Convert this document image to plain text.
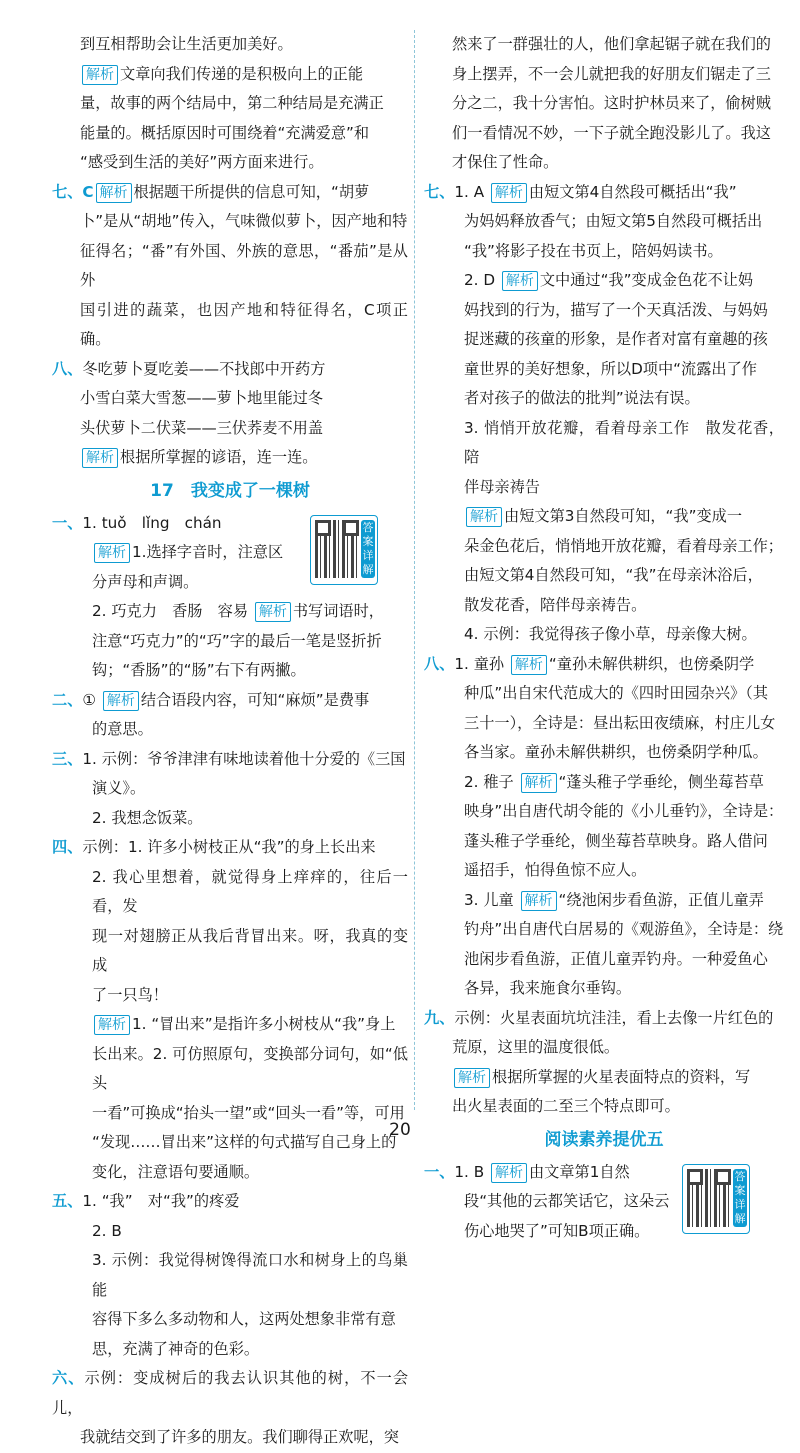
到互相帮助会让生活更加美好。

解析 文章向我们传递的是积极向上的正能

量，故事的两个结局中，第二种结局是充满正

能量的。概括原因时可围绕着“充满爱意”和

“感受到生活的美好”两方面来进行。

七、C 解析 根据题干所提供的信息可知，“胡萝

卜”是从“胡地”传入，气味微似萝卜，因产地和特

征得名；“番”有外国、外族的意思，“番茄”是从外

国引进的蔬菜，也因产地和特征得名，C项正确。

八、冬吃萝卜夏吃姜——不找郎中开药方

小雪白菜大雪葱——萝卜地里能过冬

头伏萝卜二伏菜——三伏荞麦不用盖

解析 根据所掌握的谚语，连一连。

17　我变成了一棵树

一、1. tuǒ　lǐng　chán

解析 1.选择字音时，注意区

分声母和声调。

答案详解

2. 巧克力　香肠　容易 解析 书写词语时，

注意“巧克力”的“巧”字的最后一笔是竖折折

钩；“香肠”的“肠”右下有两撇。

二、① 解析 结合语段内容，可知“麻烦”是费事

的意思。

三、1. 示例：爷爷津津有味地读着他十分爱的《三国

演义》。

2. 我想念饭菜。

四、示例：1. 许多小树枝正从“我”的身上长出来

2. 我心里想着，就觉得身上痒痒的，往后一看，发

现一对翅膀正从我后背冒出来。呀，我真的变成

了一只鸟！

解析 1. “冒出来”是指许多小树枝从“我”身上

长出来。2. 可仿照原句，变换部分词句，如“低头

一看”可换成“抬头一望”或“回头一看”等，可用

“发现……冒出来”这样的句式描写自己身上的

变化，注意语句要通顺。

五、1. “我”　对“我”的疼爱

2. B

3. 示例：我觉得树馋得流口水和树身上的鸟巢能

容得下多么多动物和人，这两处想象非常有意

思，充满了神奇的色彩。

六、示例：变成树后的我去认识其他的树，不一会儿，

我就结交到了许多的朋友。我们聊得正欢呢，突

然来了一群强壮的人，他们拿起锯子就在我们的

身上摆弄，不一会儿就把我的好朋友们锯走了三

分之二，我十分害怕。这时护林员来了，偷树贼

们一看情况不妙，一下子就全跑没影儿了。我这

才保住了性命。

七、1. A 解析 由短文第4自然段可概括出“我”

为妈妈释放香气；由短文第5自然段可概括出

“我”将影子投在书页上，陪妈妈读书。

2. D 解析 文中通过“我”变成金色花不让妈

妈找到的行为，描写了一个天真活泼、与妈妈

捉迷藏的孩童的形象，是作者对富有童趣的孩

童世界的美好想象，所以D项中“流露出了作

者对孩子的做法的批判”说法有误。

3. 悄悄开放花瓣，看着母亲工作　散发花香，陪

伴母亲祷告

解析 由短文第3自然段可知，“我”变成一

朵金色花后，悄悄地开放花瓣，看着母亲工作；

由短文第4自然段可知，“我”在母亲沐浴后，

散发花香，陪伴母亲祷告。

4. 示例：我觉得孩子像小草，母亲像大树。

八、1. 童孙 解析 “童孙未解供耕织，也傍桑阴学

种瓜”出自宋代范成大的《四时田园杂兴》（其

三十一），全诗是：昼出耘田夜绩麻，村庄儿女

各当家。童孙未解供耕织，也傍桑阴学种瓜。

2. 稚子 解析 “蓬头稚子学垂纶，侧坐莓苔草

映身”出自唐代胡令能的《小儿垂钓》，全诗是：

蓬头稚子学垂纶，侧坐莓苔草映身。路人借问

遥招手，怕得鱼惊不应人。

3. 儿童 解析 “绕池闲步看鱼游，正值儿童弄

钓舟”出自唐代白居易的《观游鱼》，全诗是：绕

池闲步看鱼游，正值儿童弄钓舟。一种爱鱼心

各异，我来施食尔垂钩。

九、示例：火星表面坑坑洼洼，看上去像一片红色的

荒原，这里的温度很低。

解析 根据所掌握的火星表面特点的资料，写

出火星表面的二至三个特点即可。

阅读素养提优五

一、1. B 解析 由文章第1自然

段“其他的云都笑话它，这朵云

伤心地哭了”可知B项正确。

答案详解
20
